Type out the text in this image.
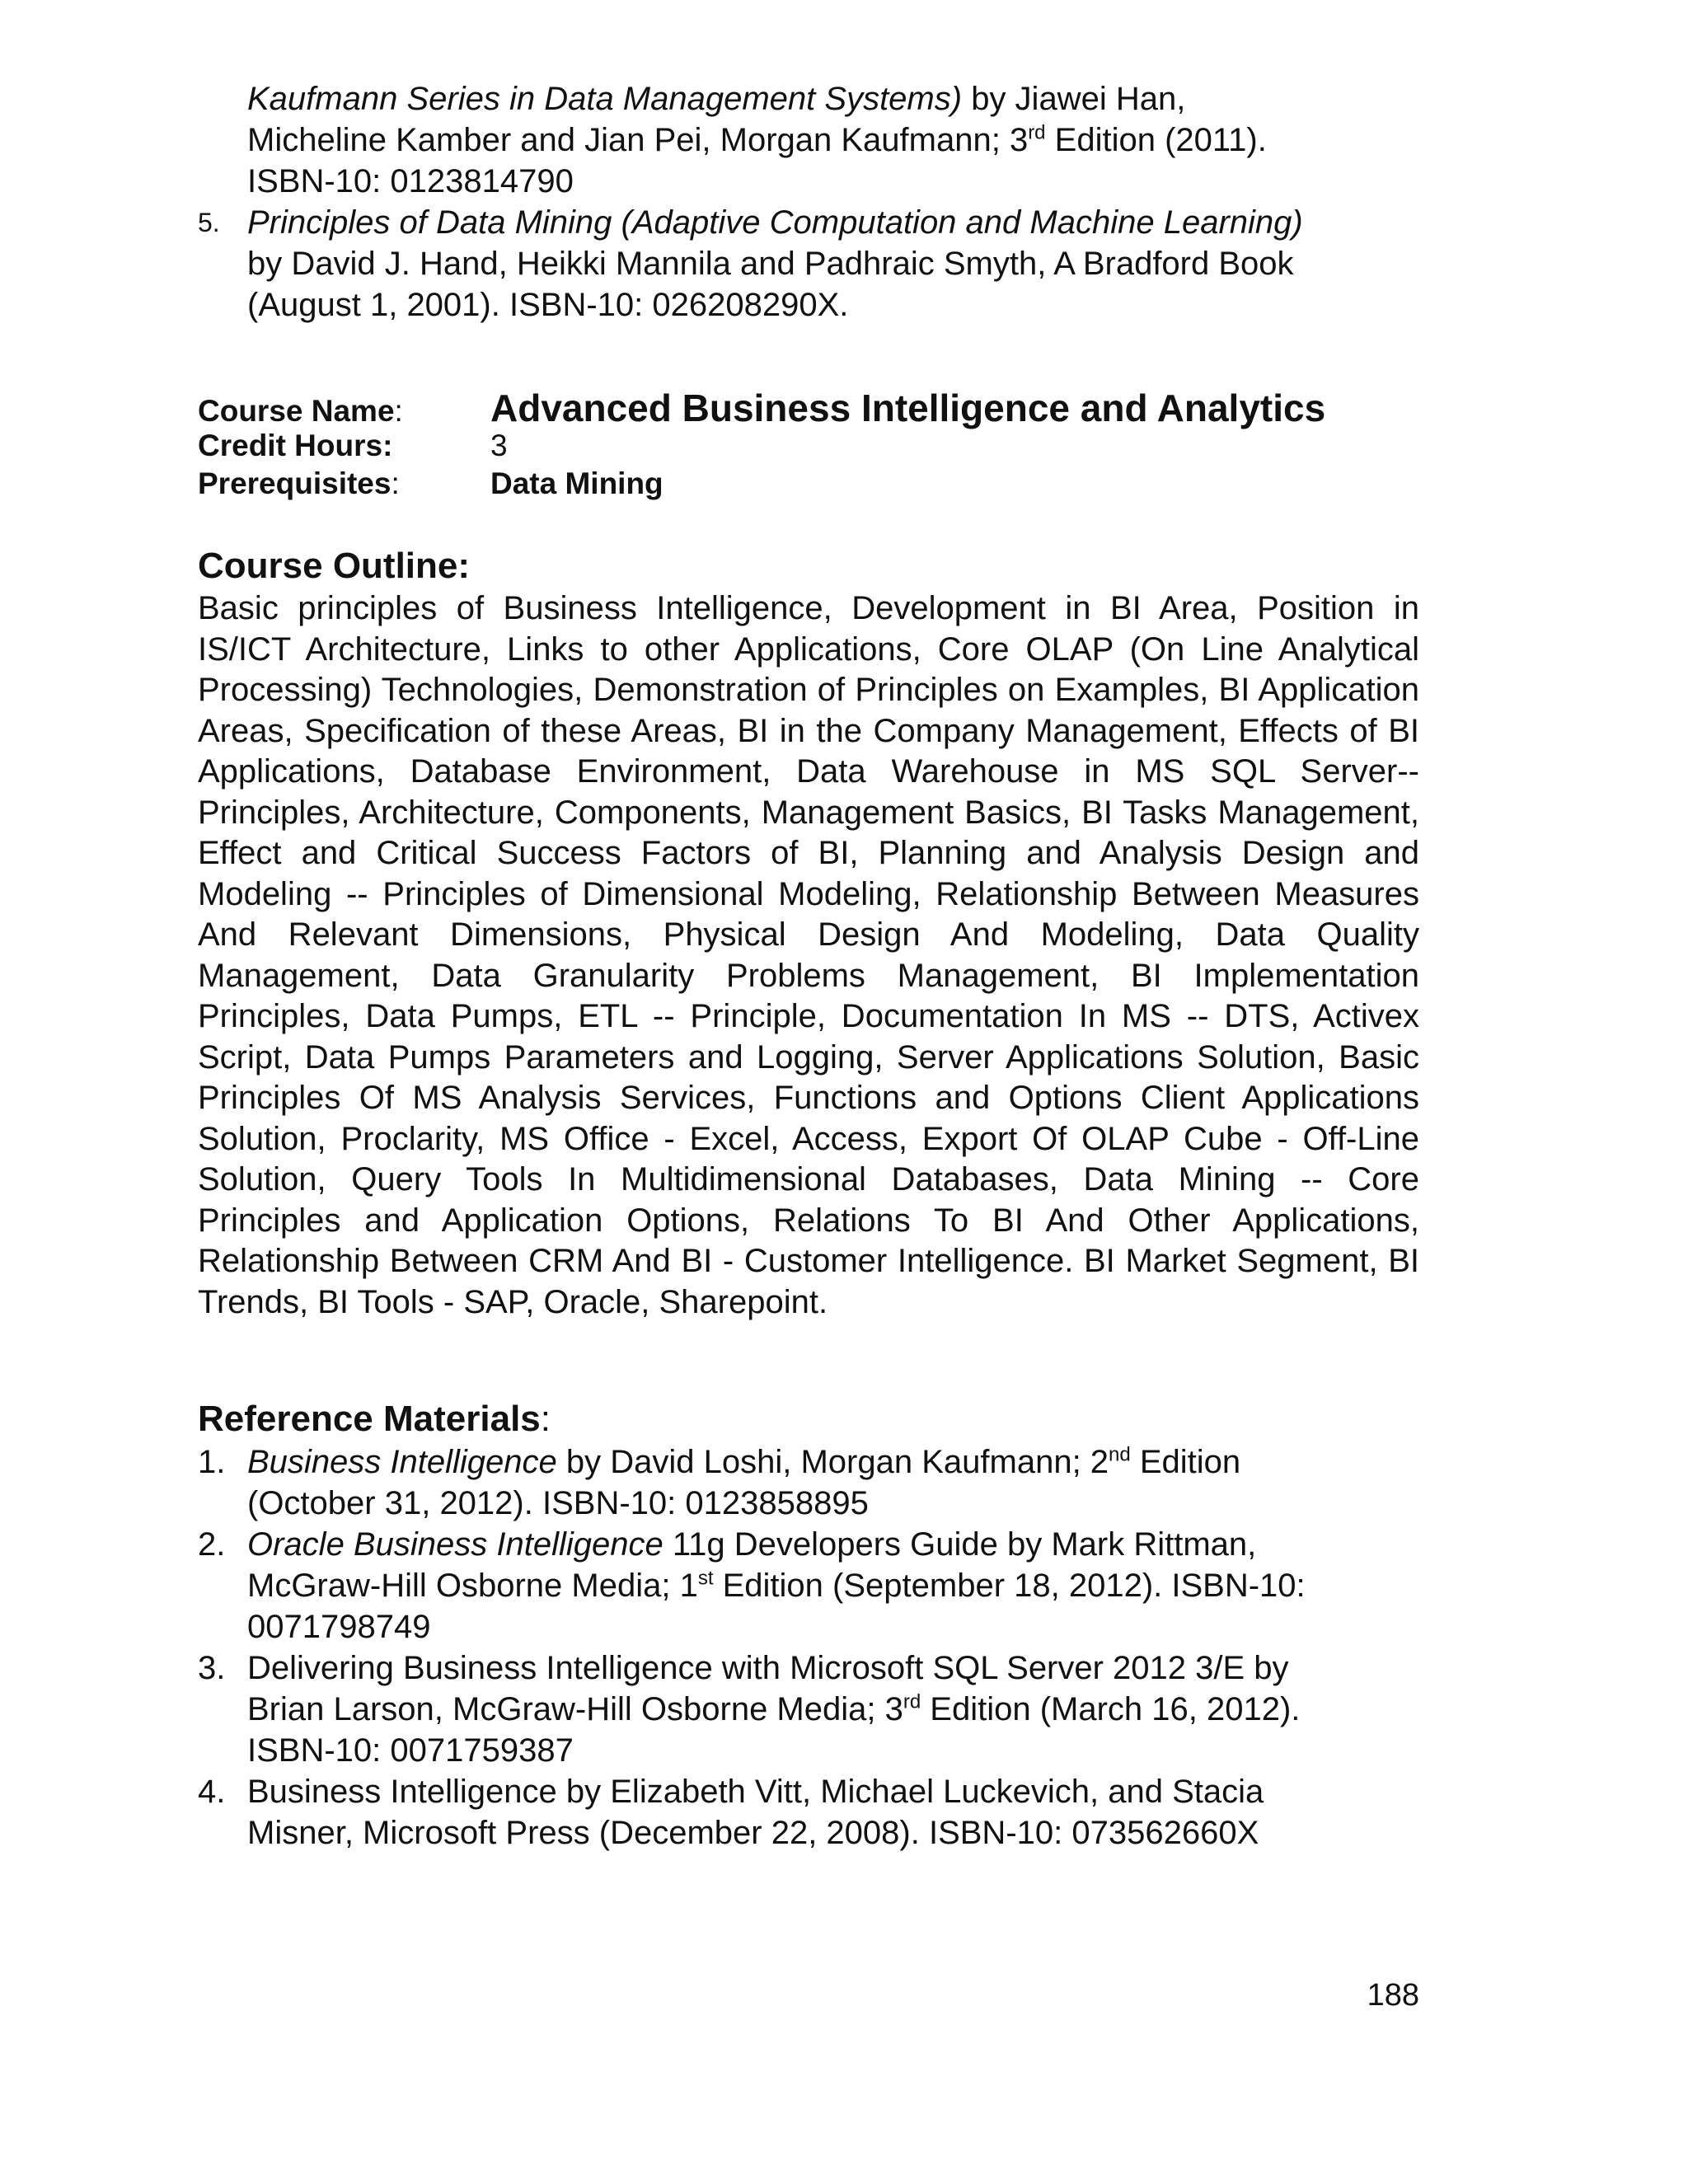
Kaufmann Series in Data Management Systems) by Jiawei Han,
Micheline Kamber and Jian Pei, Morgan Kaufmann; 3rd Edition (2011).
ISBN-10: 0123814790
5. Principles of Data Mining (Adaptive Computation and Machine Learning)
by David J. Hand, Heikki Mannila and Padhraic Smyth, A Bradford Book
(August 1, 2001). ISBN-10: 026208290X.
Course Name:	Advanced Business Intelligence and Analytics
Credit Hours:	3
Prerequisites:	Data Mining
Course Outline:

Basic principles of Business Intelligence, Development in BI Area, Position in IS/ICT Architecture, Links to other Applications, Core OLAP (On Line Analytical Processing) Technologies, Demonstration of Principles on Examples, BI Application Areas, Specification of these Areas, BI in the Company Management, Effects of BI Applications, Database Environment, Data Warehouse in MS SQL Server-- Principles, Architecture, Components, Management Basics, BI Tasks Management, Effect and Critical Success Factors of BI, Planning and Analysis Design and Modeling -- Principles of Dimensional Modeling, Relationship Between Measures And Relevant Dimensions, Physical Design And Modeling, Data Quality Management, Data Granularity Problems Management, BI Implementation Principles, Data Pumps, ETL -- Principle, Documentation In MS -- DTS, Activex Script, Data Pumps Parameters and Logging, Server Applications Solution, Basic Principles Of MS Analysis Services, Functions and Options Client Applications Solution, Proclarity, MS Office - Excel, Access, Export Of OLAP Cube - Off-Line Solution, Query Tools In Multidimensional Databases, Data Mining -- Core Principles and Application Options, Relations To BI And Other Applications, Relationship Between CRM And BI - Customer Intelligence. BI Market Segment, BI Trends, BI Tools - SAP, Oracle, Sharepoint.

Reference Materials:
1. Business Intelligence by David Loshi, Morgan Kaufmann; 2nd Edition
(October 31, 2012). ISBN-10: 0123858895
2. Oracle Business Intelligence 11g Developers Guide by Mark Rittman,
McGraw-Hill Osborne Media; 1st Edition (September 18, 2012). ISBN-10:
0071798749
3. Delivering Business Intelligence with Microsoft SQL Server 2012 3/E by
Brian Larson, McGraw-Hill Osborne Media; 3rd Edition (March 16, 2012).
ISBN-10: 0071759387
4. Business Intelligence by Elizabeth Vitt, Michael Luckevich, and Stacia
Misner, Microsoft Press (December 22, 2008). ISBN-10: 073562660X
188
